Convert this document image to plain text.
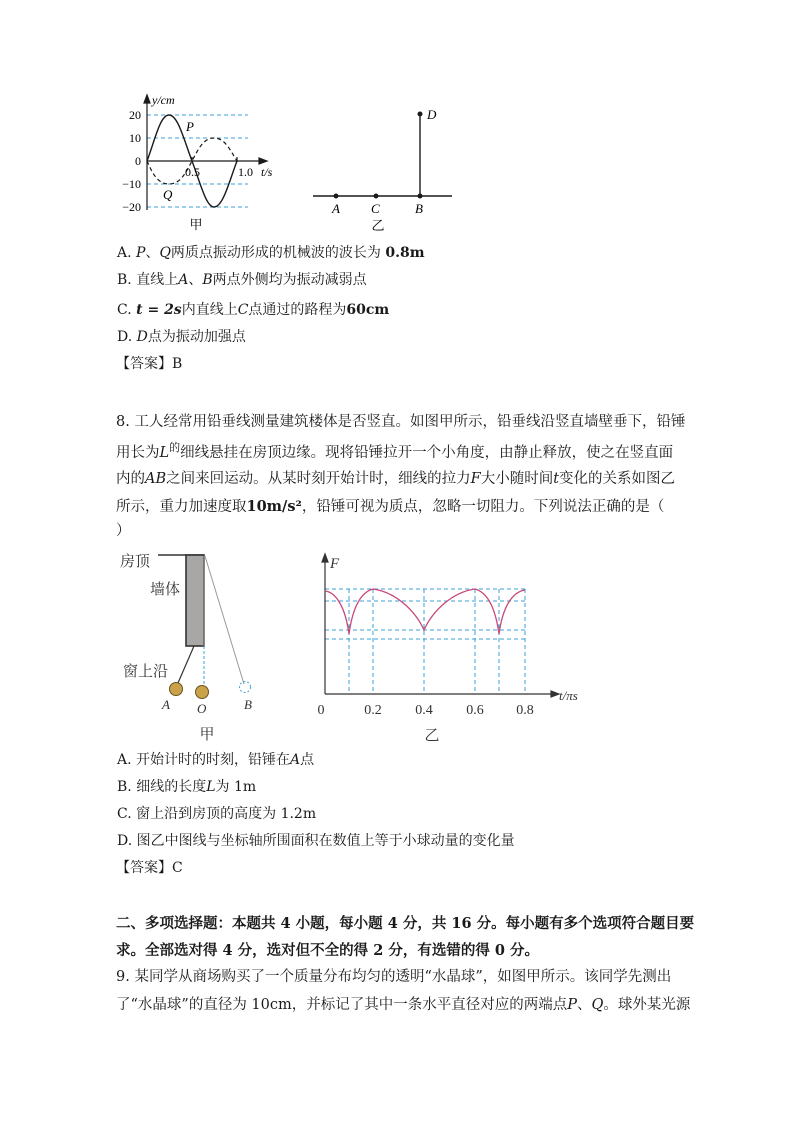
y/cm
20
10
0
−10
−20
0.5	1.0 t/s
P
Q
甲
A C	B
D
乙
A. P、Q两质点振动形成的机械波的波长为 0.8m
B. 直线上A、B两点外侧均为振动减弱点
C. t = 2s内直线上C点通过的路程为60cm
D. D点为振动加强点
【答案】B
8. 工人经常用铅垂线测量建筑楼体是否竖直。如图甲所示，铅垂线沿竖直墙壁垂下，铅锤
用长为$L^的$细线悬挂在房顶边缘。现将铅锤拉开一个小角度，由静止释放，使之在竖直面
内的AB之间来回运动。从某时刻开始计时，细线的拉力F大小随时间t变化的关系如图乙
所示，重力加速度取10m/s²，铅锤可视为质点，忽略一切阻力。下列说法正确的是（
）
房顶
墙体
窗上沿
A O	B
甲
F
t/πs
0	0.2 0.4 0.6 0.8
乙
A. 开始计时的时刻，铅锤在A点
B. 细线的长度L为 1m
C. 窗上沿到房顶的高度为 1.2m
D. 图乙中图线与坐标轴所围面积在数值上等于小球动量的变化量
【答案】C
二、多项选择题：本题共 4 小题，每小题 4 分，共 16 分。每小题有多个选项符合题目要
求。全部选对得 4 分，选对但不全的得 2 分，有选错的得 0 分。
9. 某同学从商场购买了一个质量分布均匀的透明“水晶球”，如图甲所示。该同学先测出
了“水晶球”的直径为 10cm，并标记了其中一条水平直径对应的两端点P、Q。球外某光源
